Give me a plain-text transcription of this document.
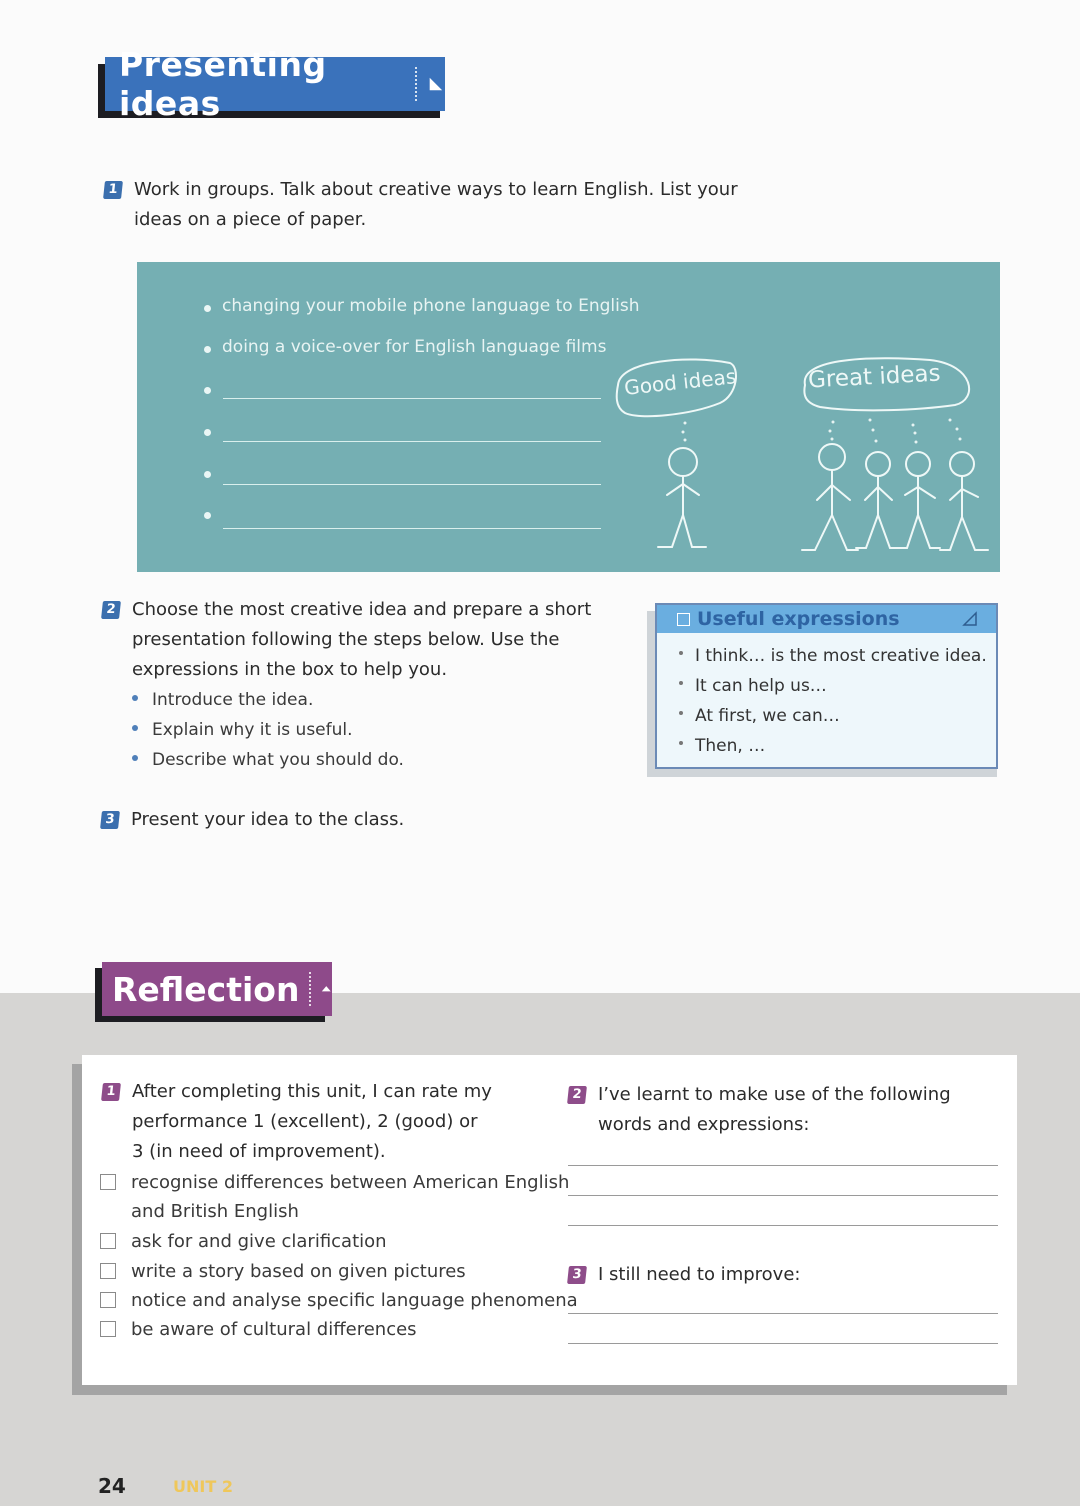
Presenting ideas
1 Work in groups. Talk about creative ways to learn English. List your
ideas on a piece of paper.
changing your mobile phone language to English
doing a voice-over for English language films
Good ideas	Great ideas
2 Choose the most creative idea and prepare a short
presentation following the steps below. Use the
expressions in the box to help you.
Introduce the idea.
Explain why it is useful.
Describe what you should do.
Useful expressions
I think… is the most creative idea.
It can help us…
At first, we can…
Then, …
3 Present your idea to the class.
Reflection
1 After completing this unit, I can rate my
performance 1 (excellent), 2 (good) or
3 (in need of improvement).
recognise differences between American English
and British English
ask for and give clarification
write a story based on given pictures
notice and analyse specific language phenomena
be aware of cultural differences
2 I’ve learnt to make use of the following
words and expressions:
3 I still need to improve:
24	UNIT 2
